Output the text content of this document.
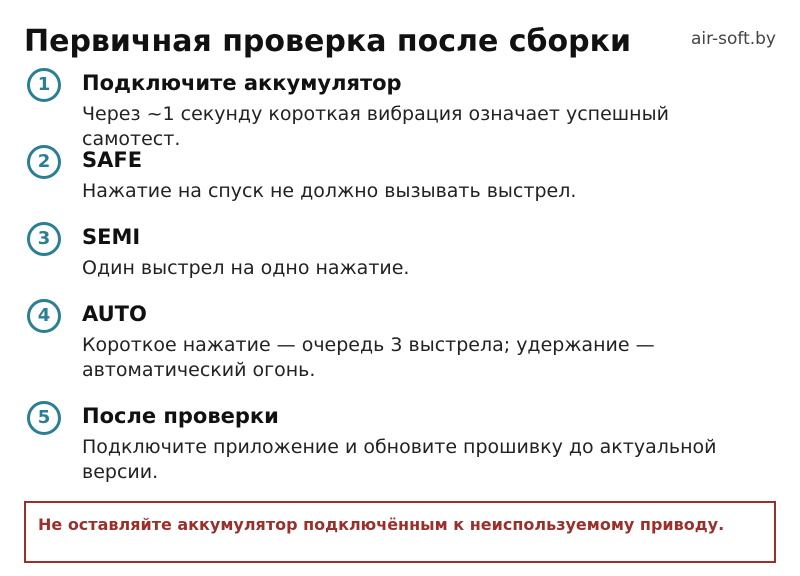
Первичная проверка после сборки	air-soft.by
1	Подключите аккумулятор
Через ~1 секунду короткая вибрация означает успешный самотест.
2	SAFE
Нажатие на спуск не должно вызывать выстрел.
3	SEMI
Один выстрел на одно нажатие.
4	AUTO
Короткое нажатие — очередь 3 выстрела; удержание — автоматический огонь.
5	После проверки
Подключите приложение и обновите прошивку до актуальной версии.
Не оставляйте аккумулятор подключённым к неиспользуемому приводу.
